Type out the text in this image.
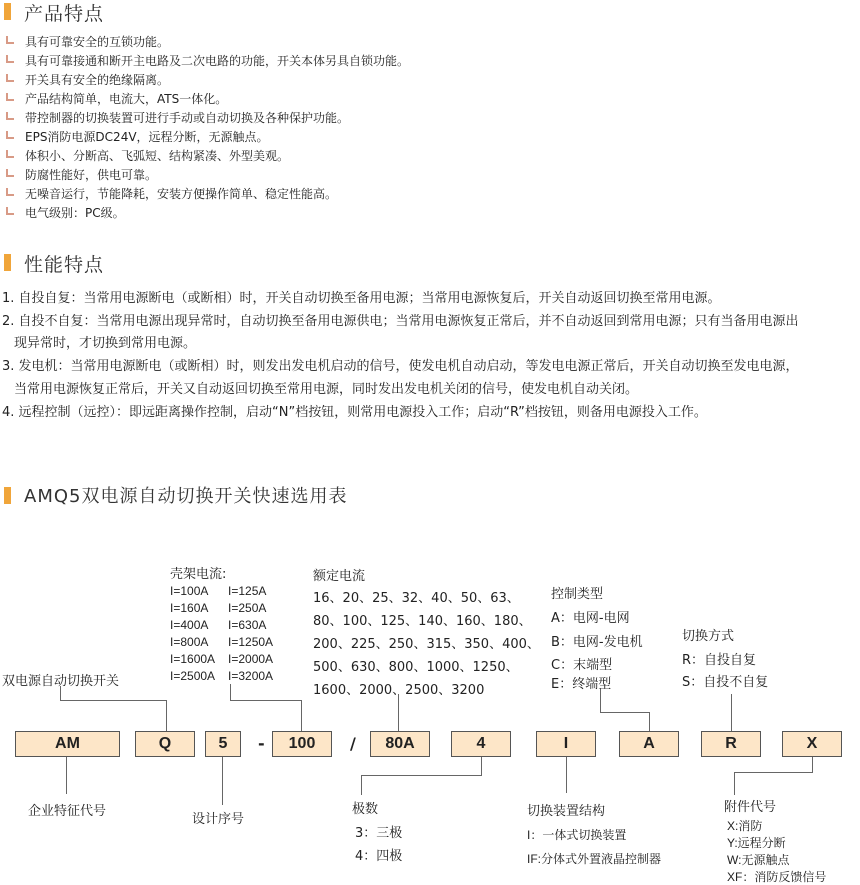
产品特点
具有可靠安全的互锁功能。
具有可靠接通和断开主电路及二次电路的功能，开关本体另具自锁功能。
开关具有安全的绝缘隔离。
产品结构简单，电流大，ATS一体化。
带控制器的切换装置可进行手动或自动切换及各种保护功能。
EPS消防电源DC24V，远程分断，无源触点。
体积小、分断高、飞弧短、结构紧凑、外型美观。
防腐性能好，供电可靠。
无噪音运行，节能降耗，安装方便操作简单、稳定性能高。
电气级别：PC级。
性能特点
1. 自投自复：当常用电源断电（或断相）时，开关自动切换至备用电源；当常用电源恢复后，开关自动返回切换至常用电源。
2. 自投不自复：当常用电源出现异常时，自动切换至备用电源供电；当常用电源恢复正常后，并不自动返回到常用电源；只有当备用电源出
现异常时，才切换到常用电源。
3. 发电机：当常用电源断电（或断相）时，则发出发电机启动的信号，使发电机自动启动，等发电电源正常后，开关自动切换至发电电源，
当常用电源恢复正常后，开关又自动返回切换至常用电源，同时发出发电机关闭的信号，使发电机自动关闭。
4. 远程控制（远控）：即远距离操作控制，启动“N”档按钮，则常用电源投入工作；启动“R”档按钮，则备用电源投入工作。
AMQ5双电源自动切换开关快速选用表
AM	Q	5	-	100	/	80A	4	I	A	R	X
双电源自动切换开关
企业特征代号
设计序号
壳架电流:
I=100A I=125A
I=160A I=250A
I=400A I=630A
I=800A I=1250A
I=1600A I=2000A
I=2500A I=3200A
额定电流
16、20、25、32、40、50、63、
80、100、125、140、160、180、
200、225、250、315、350、400、
500、630、800、1000、1250、
1600、2000、2500、3200
极数
3：三极
4：四极
切换装置结构
I：一体式切换装置
IF:分体式外置液晶控制器
控制类型
A：电网-电网
B：电网-发电机
C：末端型
E：终端型
切换方式
R：自投自复
S：自投不自复
附件代号
X:消防
Y:远程分断
W:无源触点
XF：消防反馈信号
